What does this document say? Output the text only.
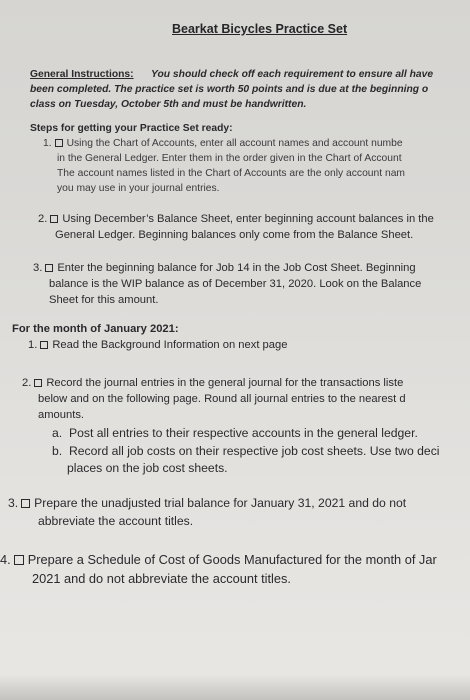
Bearkat Bicycles Practice Set
General Instructions: You should check off each requirement to ensure all have
been completed. The practice set is worth 50 points and is due at the beginning o
class on Tuesday, October 5th and must be handwritten.
Steps for getting your Practice Set ready:
1. Using the Chart of Accounts, enter all account names and account numbe
in the General Ledger. Enter them in the order given in the Chart of Account
The account names listed in the Chart of Accounts are the only account nam
you may use in your journal entries.
2. Using December’s Balance Sheet, enter beginning account balances in the
General Ledger. Beginning balances only come from the Balance Sheet.
3. Enter the beginning balance for Job 14 in the Job Cost Sheet. Beginning
balance is the WIP balance as of December 31, 2020. Look on the Balance
Sheet for this amount.
For the month of January 2021:
1. Read the Background Information on next page
2. Record the journal entries in the general journal for the transactions liste
below and on the following page. Round all journal entries to the nearest d
amounts.
a. Post all entries to their respective accounts in the general ledger.
b. Record all job costs on their respective job cost sheets. Use two deci
places on the job cost sheets.
3. Prepare the unadjusted trial balance for January 31, 2021 and do not
abbreviate the account titles.
4. Prepare a Schedule of Cost of Goods Manufactured for the month of Jar
2021 and do not abbreviate the account titles.
